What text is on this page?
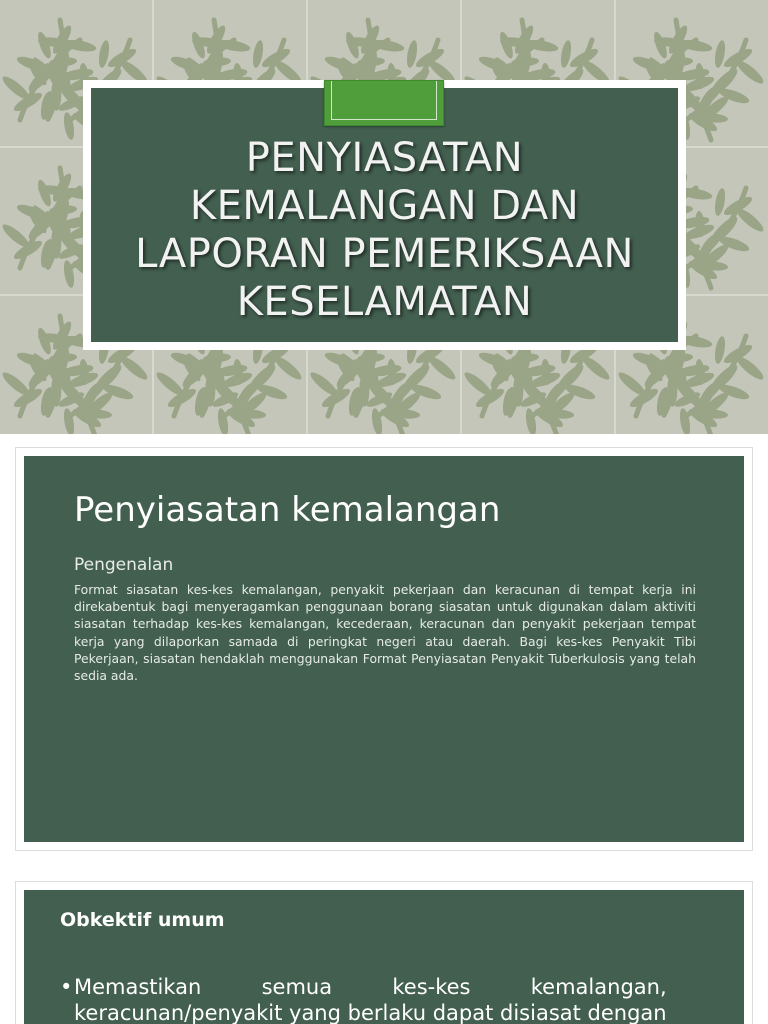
PENYIASATAN
KEMALANGAN DAN
LAPORAN PEMERIKSAAN
KESELAMATAN
Penyiasatan kemalangan
Pengenalan

Format siasatan kes-kes kemalangan, penyakit pekerjaan dan keracunan di tempat kerja ini direkabentuk bagi menyeragamkan penggunaan borang siasatan untuk digunakan dalam aktiviti siasatan terhadap kes-kes kemalangan, kecederaan, keracunan dan penyakit pekerjaan tempat kerja yang dilaporkan samada di peringkat negeri atau daerah. Bagi kes-kes Penyakit Tibi Pekerjaan, siasatan hendaklah menggunakan Format Penyiasatan Penyakit Tuberkulosis yang telah sedia ada.

Obkektif umum
• Memastikan semua kes-kes kemalangan,
keracunan/penyakit yang berlaku dapat disiasat dengan
